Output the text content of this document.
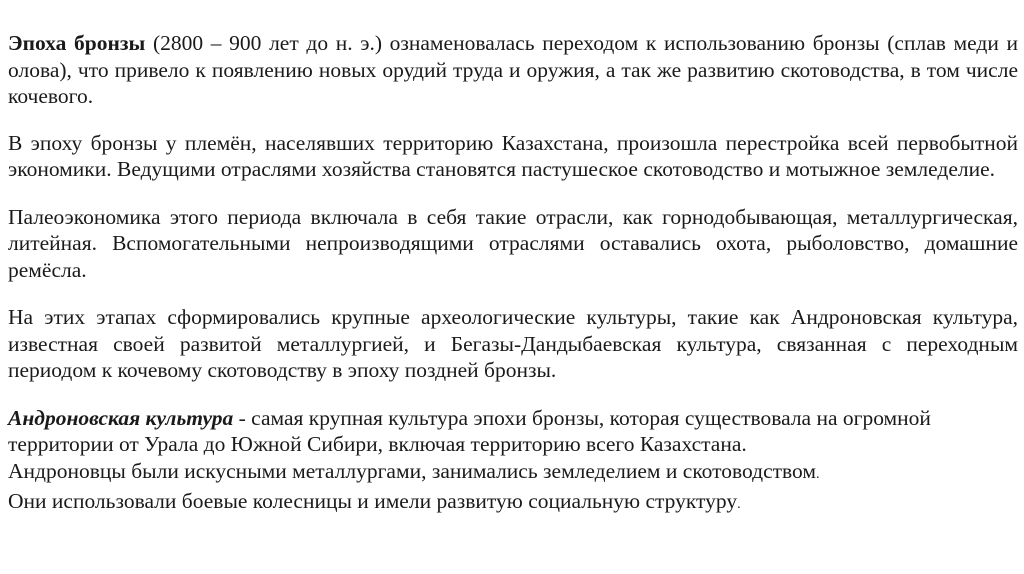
Эпоха бронзы (2800 – 900 лет до н. э.) ознаменовалась переходом к использованию бронзы (сплав меди и олова), что привело к появлению новых орудий труда и оружия, а так же развитию скотоводства, в том числе кочевого.

В эпоху бронзы у племён, населявших территорию Казахстана, произошла перестройка всей первобытной экономики. Ведущими отраслями хозяйства становятся пастушеское скотоводство и мотыжное земледелие.

Палеоэкономика этого периода включала в себя такие отрасли, как горнодобывающая, металлургическая, литейная. Вспомогательными непроизводящими отраслями оставались охота, рыболовство, домашние ремёсла.

На этих этапах сформировались крупные археологические культуры, такие как Андроновская культура, известная своей развитой металлургией, и Бегазы-Дандыбаевская культура, связанная с переходным периодом к кочевому скотоводству в эпоху поздней бронзы.

Андроновская культура - самая крупная культура эпохи бронзы, которая существовала на огромной территории от Урала до Южной Сибири, включая территорию всего Казахстана.
Андроновцы были искусными металлургами, занимались земледелием и скотоводством.
Они использовали боевые колесницы и имели развитую социальную структуру.
